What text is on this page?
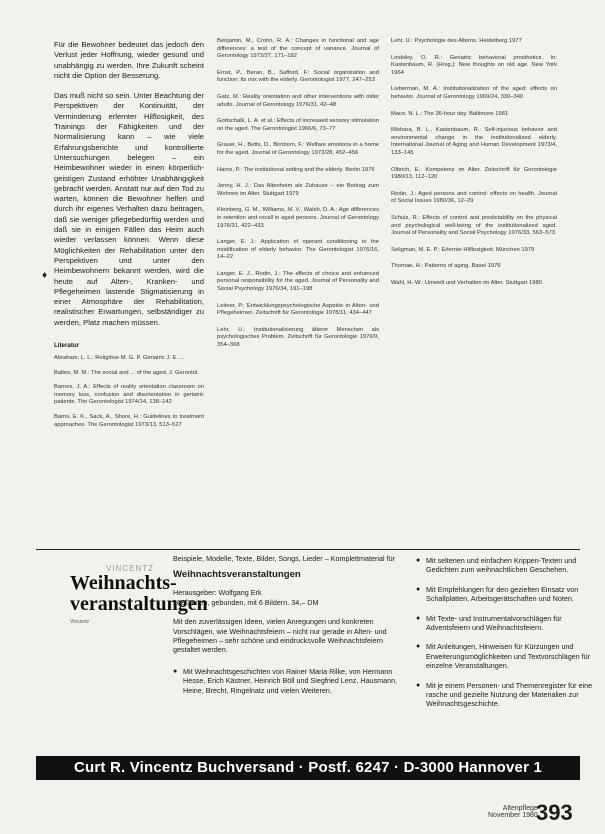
Für die Bewohner bedeutet das jedoch den Verlust jeder Hoffnung, wieder gesund und unabhängig zu werden. Ihre Zukunft scheint nicht die Option der Besserung.

Das muß nicht so sein. Unter Beachtung der Perspektiven der Kontinuität, der Verminderung erlernter Hilflosigkeit, des Trainings der Fähigkeiten und der Normalisierung kann – wie viele Erfahrungsberichte und kontrollierte Untersuchungen belegen – ein Heimbewohner wieder in einen körperlich-geistigen Zustand erhöhter Unabhängigkeit gebracht werden. Anstatt nur auf den Tod zu warten, können die Bewohner helfen und durch ihr eigenes Verhalten dazu beitragen, daß sie weniger pflegebedürftig werden und daß sie in einigen Fällen das Heim auch wieder verlassen können. Wenn diese Möglichkeiten der Rehabilitation unter den Perspektiven und unter den Heimbewohnern bekannt werden, wird die heute auf Alten-, Kranken- und Pflegeheimen lastende Stigmatisierung in einer Atmosphäre der Rehabilitation, realistischer Erwartungen, selbständiger zu werden, Platz machen müssen.

Literatur
Abraham, L. L.: Religiöse M. G. P. Geriatric J. E. ...
Baltes, M. M.: The social and ... of the aged. J. Gerontol.
Barnes, J. A.: Effects of reality orientation classroom on memory loss, confusion and disorientation in geriatric patients. The Gerontologist 1974/14, 138–142
Barns, E. K., Sack, A., Shore, H.: Guidelines to treatment approaches. The Gerontologist 1973/13, 513–527
♦
Benjamin, M., Crohn, R. A.: Changes in functional and age differences: a test of the concept of variance. Journal of Gerontology 1972/27, 171–182
Ernst, P., Beran, B., Safford, F.: Social organization and function: its mix with the elderly. Gerontologist 1977, 247–253
Gatz, M.: Reality orientation and other interventions with older adults. Journal of Gerontology 1976/31, 42–48
Gottschalk, L. A. et al.: Effects of increased sensory stimulation on the aged. The Gerontologist 1966/6, 73–77
Grauer, H., Betts, D., Birnbom, F.: Welfare emotions in a home for the aged. Journal of Gerontology 1973/28, 452–456
Harris, P.: The institutional setting and the elderly. Berlin 1976
Jenny, H. J.: Das Altenheim als Zuhause – ein Beitrag zum Wohnen im Alter. Stuttgart 1979
Kleinberg, G. M., Williams, M. V., Walsh, D. A.: Age differences in retention and recall in aged persons. Journal of Gerontology 1976/31, 422–433
Langer, E. J.: Application of operant conditioning to the modification of elderly behavior. The Gerontologist 1976/16, 14–22
Langer, E. J., Rodin, J.: The effects of choice and enhanced personal responsibility for the aged. Journal of Personality and Social Psychology 1976/34, 191–198
Leitner, P.: Entwicklungspsychologische Aspekte in Alten- und Pflegeheimen. Zeitschrift für Gerontologie 1978/11, 434–447
Lehr, U.: Institutionalisierung älterer Menschen als psychologisches Problem. Zeitschrift für Gerontologie 1976/9, 354–368
Lehr, U.: Psychologie des Alterns. Heidelberg 1977
Lindsley, O. R.: Geriatric behavioral prosthetics. In: Kastenbaum, R. (Hrsg.): New thoughts on old age. New York 1964
Lieberman, M. A.: Institutionalization of the aged: effects on behavior. Journal of Gerontology 1969/24, 330–340
Mace, N. L.: The 36-hour day. Baltimore 1981
Mishara, B. L., Kastenbaum, R.: Self-injurious behavior and environmental change in the institutionalized elderly. International Journal of Aging and Human Development 1973/4, 133–145
Olbrich, E.: Kompetenz im Alter. Zeitschrift für Gerontologie 1980/13, 112–120
Rodin, J.: Aged persons and control: effects on health. Journal of Social Issues 1980/36, 12–29
Schulz, R.: Effects of control and predictability on the physical and psychological well-being of the institutionalized aged. Journal of Personality and Social Psychology 1976/33, 563–573
Seligman, M. E. P.: Erlernte Hilflosigkeit. München 1979
Thomae, H.: Patterns of aging. Basel 1976
Wahl, H.-W.: Umwelt und Verhalten im Alter. Stuttgart 1980
VINCENTZ
Weihnachts-
veranstaltungen
Vincentz

Beispiele, Modelle, Texte, Bilder, Songs, Lieder – Komplettmaterial für

Weihnachtsveranstaltungen

Herausgeber: Wolfgang Erk

268 Seiten, gebunden, mit 6 Bildern. 34,– DM

Mit den zuverlässigen Ideen, vielen Anregungen und konkreten Vorschlägen, wie Weihnachtsfeiern – nicht nur gerade in Alten- und Pflegeheimen – sehr schöne und eindrucksvolle Weihnachtsfeiern gestaltet werden.

● Mit Weihnachtsgeschichten von Rainer Maria Rilke, von Hermann Hesse, Erich Kästner, Heinrich Böll und Siegfried Lenz, Hausmann, Heine, Brecht, Ringelnatz und vielen Weiteren.
● Mit seltenen und einfachen Krippen-Texten und Gedichten zum weihnachtlichen Geschehen.
● Mit Empfehlungen für den gezielten Einsatz von Schallplatten, Arbeitsgerätschaften und Noten.
● Mit Texte- und Instrumentalvorschlägen für Adventsfeiern und Weihnachtsfeiern.
● Mit Anleitungen, Hinweisen für Kürzungen und Erweiterungsmöglichkeiten und Textvorschlägen für einzelne Veranstaltungen.
● Mit je einem Personen- und Themenregister für eine rasche und gezielte Nutzung der Materialien zur Weihnachtsgeschichte.
Curt R. Vincentz Buchversand · Postf. 6247 · D-3000 Hannover 1
Altenpflege
November 1980
393
